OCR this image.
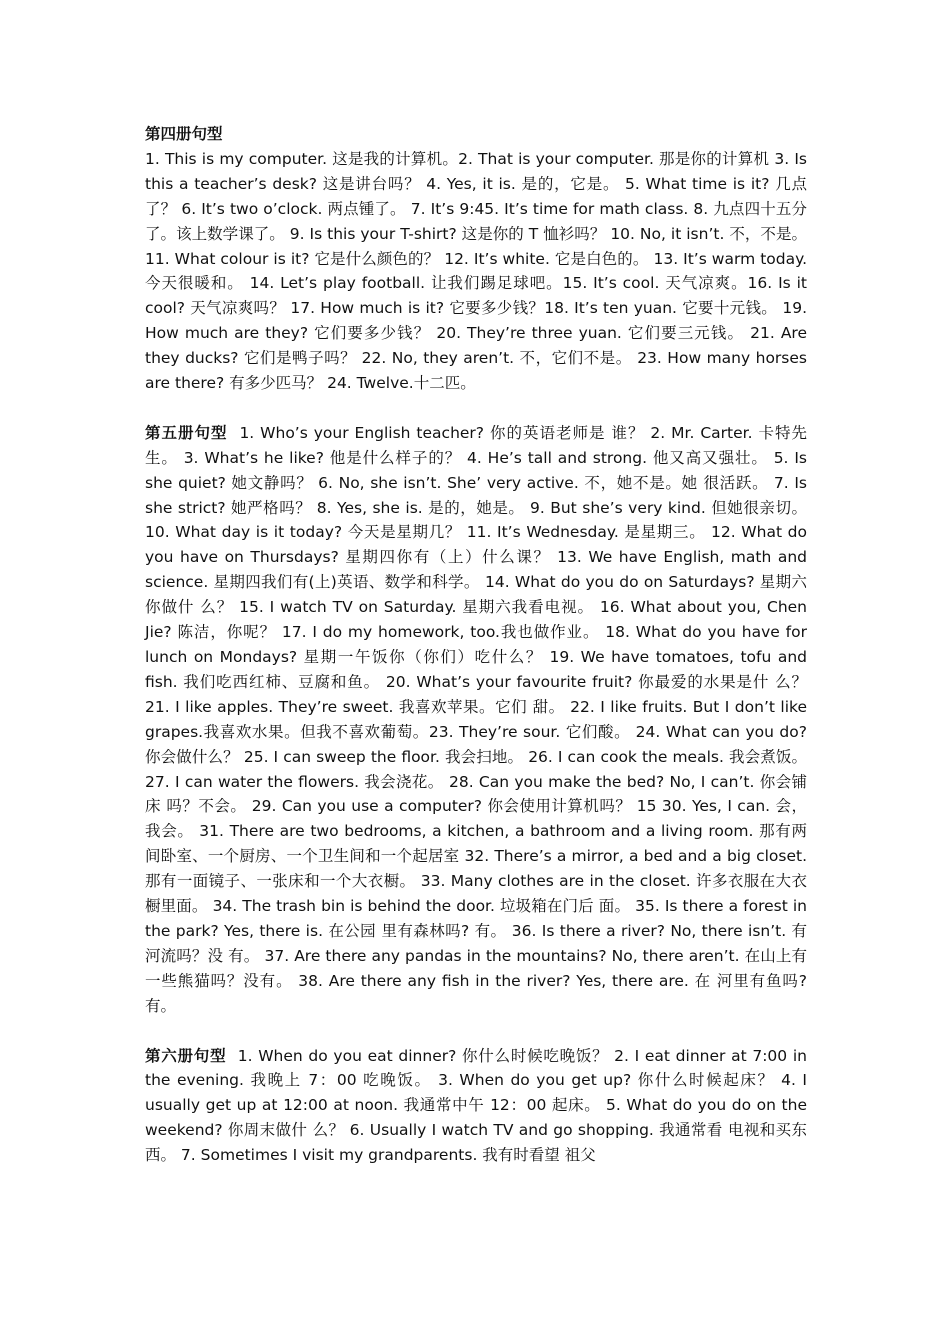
第四册句型
1. This is my computer. 这是我的计算机。2. That is your computer. 那是你的计算机 3. Is this a teacher’s desk? 这是讲台吗？ 4. Yes, it is. 是的，它是。 5. What time is it? 几点了？ 6. It’s two o’clock. 两点锺了。 7. It’s 9:45. It’s time for math class. 8. 九点四十五分了。该上数学课了。 9. Is this your T-shirt? 这是你的 T 恤衫吗？ 10. No, it isn’t. 不，不是。 11. What colour is it? 它是什么颜色的？ 12. It’s white. 它是白色的。 13. It’s warm today. 今天很暖和。 14. Let’s play football. 让我们踢足球吧。15. It’s cool. 天气凉爽。16. Is it cool? 天气凉爽吗？ 17. How much is it? 它要多少钱？18. It’s ten yuan. 它要十元钱。 19. How much are they? 它们要多少钱？ 20. They’re three yuan. 它们要三元钱。 21. Are they ducks? 它们是鸭子吗？ 22. No, they aren’t. 不，它们不是。 23. How many horses are there? 有多少匹马？ 24. Twelve.十二匹。

第五册句型 1. Who’s your English teacher? 你的英语老师是 谁？ 2. Mr. Carter. 卡特先生。 3. What’s he like? 他是什么样子的？ 4. He’s tall and strong. 他又高又强壮。 5. Is she quiet? 她文静吗？ 6. No, she isn’t. She’ very active. 不，她不是。她 很活跃。 7. Is she strict? 她严格吗？ 8. Yes, she is. 是的，她是。 9. But she’s very kind. 但她很亲切。 10. What day is it today? 今天是星期几？ 11. It’s Wednesday. 是星期三。 12. What do you have on Thursdays? 星期四你有（上）什么课？ 13. We have English, math and science. 星期四我们有(上)英语、数学和科学。 14. What do you do on Saturdays? 星期六你做什 么？ 15. I watch TV on Saturday. 星期六我看电视。 16. What about you, Chen Jie? 陈洁，你呢？ 17. I do my homework, too.我也做作业。 18. What do you have for lunch on Mondays? 星期一午饭你（你们）吃什么？ 19. We have tomatoes, tofu and fish. 我们吃西红柿、豆腐和鱼。 20. What’s your favourite fruit? 你最爱的水果是什 么？ 21. I like apples. They’re sweet. 我喜欢苹果。它们 甜。 22. I like fruits. But I don’t like grapes.我喜欢水果。但我不喜欢葡萄。23. They’re sour. 它们酸。 24. What can you do? 你会做什么？ 25. I can sweep the floor. 我会扫地。 26. I can cook the meals. 我会煮饭。 27. I can water the flowers. 我会浇花。 28. Can you make the bed? No, I can’t. 你会铺床 吗？不会。 29. Can you use a computer? 你会使用计算机吗？ 15 30. Yes, I can. 会，我会。 31. There are two bedrooms, a kitchen, a bathroom and a living room. 那有两间卧室、一个厨房、一个卫生间和一个起居室 32. There’s a mirror, a bed and a big closet. 那有一面镜子、一张床和一个大衣橱。 33. Many clothes are in the closet. 许多衣服在大衣 橱里面。 34. The trash bin is behind the door. 垃圾箱在门后 面。 35. Is there a forest in the park? Yes, there is. 在公园 里有森林吗? 有。 36. Is there a river? No, there isn’t. 有河流吗？没 有。 37. Are there any pandas in the mountains? No, there aren’t. 在山上有一些熊猫吗？没有。 38. Are there any fish in the river? Yes, there are. 在 河里有鱼吗? 有。

第六册句型 1. When do you eat dinner? 你什么时候吃晚饭？ 2. I eat dinner at 7:00 in the evening. 我晚上 7：00 吃晚饭。 3. When do you get up? 你什么时候起床？ 4. I usually get up at 12:00 at noon. 我通常中午 12：00 起床。 5. What do you do on the weekend? 你周末做什 么？ 6. Usually I watch TV and go shopping. 我通常看 电视和买东西。 7. Sometimes I visit my grandparents. 我有时看望 祖父
